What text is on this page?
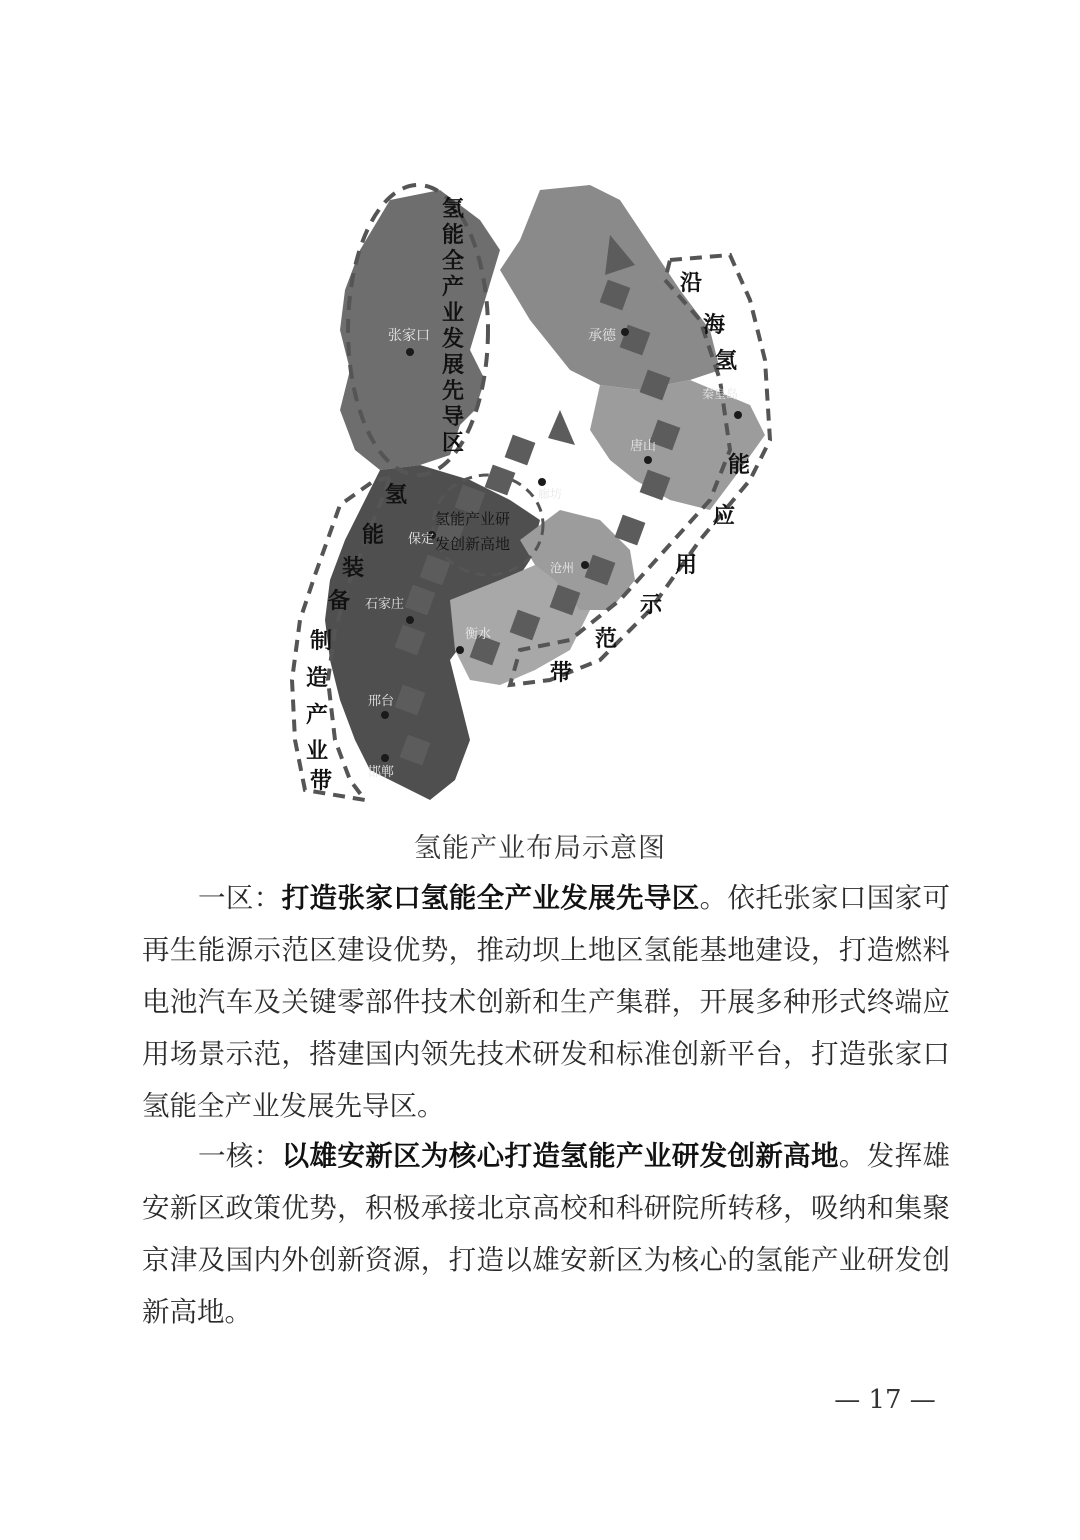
张家口	承德
秦皇岛
唐山
廊坊
保定
沧州
石家庄
衡水
邢台
邯郸
氢
能
全
产
业
发
展
先
导
区
氢
能
装
备
制
造
产
业
带
沿
海
氢
能
应
用
示
范
带
氢能产业研
发创新高地
氢能产业布局示意图

一区：打造张家口氢能全产业发展先导区。依托张家口国家可再生能源示范区建设优势，推动坝上地区氢能基地建设，打造燃料电池汽车及关键零部件技术创新和生产集群，开展多种形式终端应用场景示范，搭建国内领先技术研发和标准创新平台，打造张家口氢能全产业发展先导区。

一核：以雄安新区为核心打造氢能产业研发创新高地。发挥雄安新区政策优势，积极承接北京高校和科研院所转移，吸纳和集聚京津及国内外创新资源，打造以雄安新区为核心的氢能产业研发创新高地。

— 17 —
